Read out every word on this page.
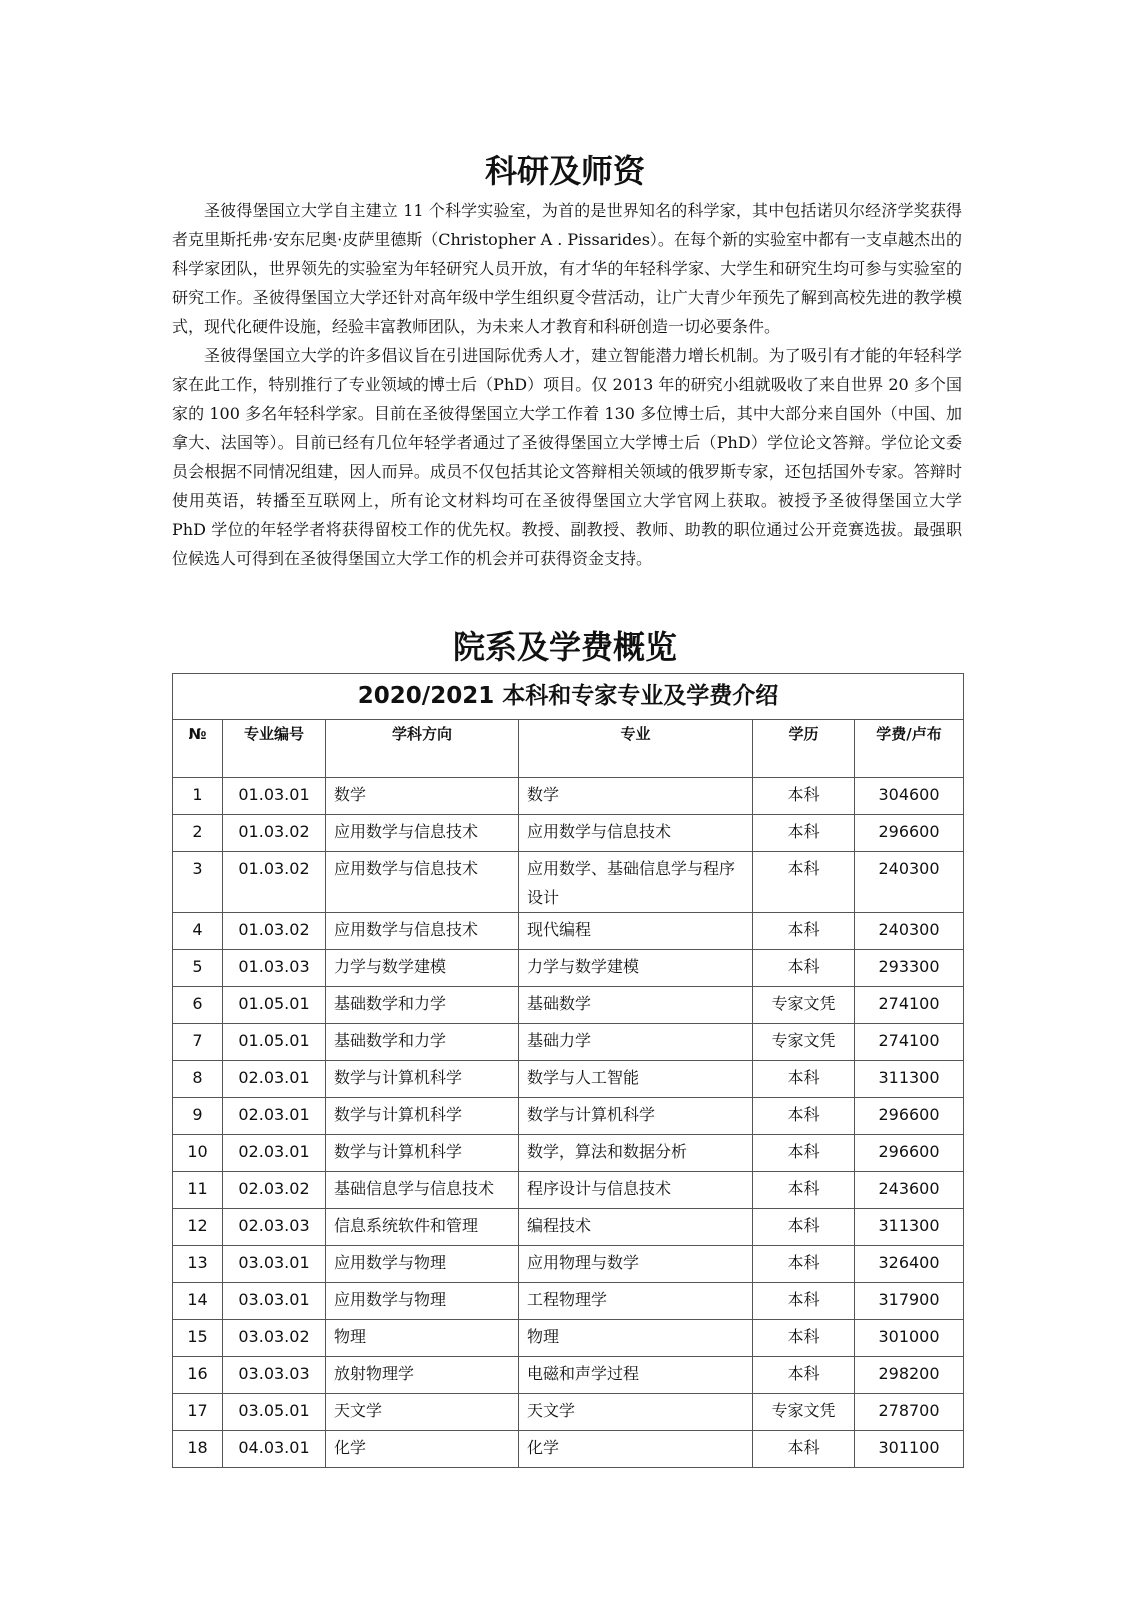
科研及师资

圣彼得堡国立大学自主建立 11 个科学实验室，为首的是世界知名的科学家，其中包括诺贝尔经济学奖获得者克里斯托弗·安东尼奥·皮萨里德斯（Christopher A . Pissarides）。在每个新的实验室中都有一支卓越杰出的科学家团队，世界领先的实验室为年轻研究人员开放，有才华的年轻科学家、大学生和研究生均可参与实验室的研究工作。圣彼得堡国立大学还针对高年级中学生组织夏令营活动，让广大青少年预先了解到高校先进的教学模式，现代化硬件设施，经验丰富教师团队，为未来人才教育和科研创造一切必要条件。

圣彼得堡国立大学的许多倡议旨在引进国际优秀人才，建立智能潜力增长机制。为了吸引有才能的年轻科学家在此工作，特别推行了专业领域的博士后（PhD）项目。仅 2013 年的研究小组就吸收了来自世界 20 多个国家的 100 多名年轻科学家。目前在圣彼得堡国立大学工作着 130 多位博士后，其中大部分来自国外（中国、加拿大、法国等）。目前已经有几位年轻学者通过了圣彼得堡国立大学博士后（PhD）学位论文答辩。学位论文委员会根据不同情况组建，因人而异。成员不仅包括其论文答辩相关领域的俄罗斯专家，还包括国外专家。答辩时使用英语，转播至互联网上，所有论文材料均可在圣彼得堡国立大学官网上获取。被授予圣彼得堡国立大学 PhD 学位的年轻学者将获得留校工作的优先权。教授、副教授、教师、助教的职位通过公开竞赛选拔。最强职位候选人可得到在圣彼得堡国立大学工作的机会并可获得资金支持。

院系及学费概览
2020/2021 本科和专家专业及学费介绍					
№	专业编号	学科方向	专业	学历	学费/卢布
1	01.03.01	数学	数学	本科	304600
2	01.03.02	应用数学与信息技术	应用数学与信息技术	本科	296600
3	01.03.02	应用数学与信息技术	应用数学、基础信息学与程序设计	本科	240300
4	01.03.02	应用数学与信息技术	现代编程	本科	240300
5	01.03.03	力学与数学建模	力学与数学建模	本科	293300
6	01.05.01	基础数学和力学	基础数学	专家文凭	274100
7	01.05.01	基础数学和力学	基础力学	专家文凭	274100
8	02.03.01	数学与计算机科学	数学与人工智能	本科	311300
9	02.03.01	数学与计算机科学	数学与计算机科学	本科	296600
10	02.03.01	数学与计算机科学	数学，算法和数据分析	本科	296600
11	02.03.02	基础信息学与信息技术	程序设计与信息技术	本科	243600
12	02.03.03	信息系统软件和管理	编程技术	本科	311300
13	03.03.01	应用数学与物理	应用物理与数学	本科	326400
14	03.03.01	应用数学与物理	工程物理学	本科	317900
15	03.03.02	物理	物理	本科	301000
16	03.03.03	放射物理学	电磁和声学过程	本科	298200
17	03.05.01	天文学	天文学	专家文凭	278700
18	04.03.01	化学	化学	本科	301100
